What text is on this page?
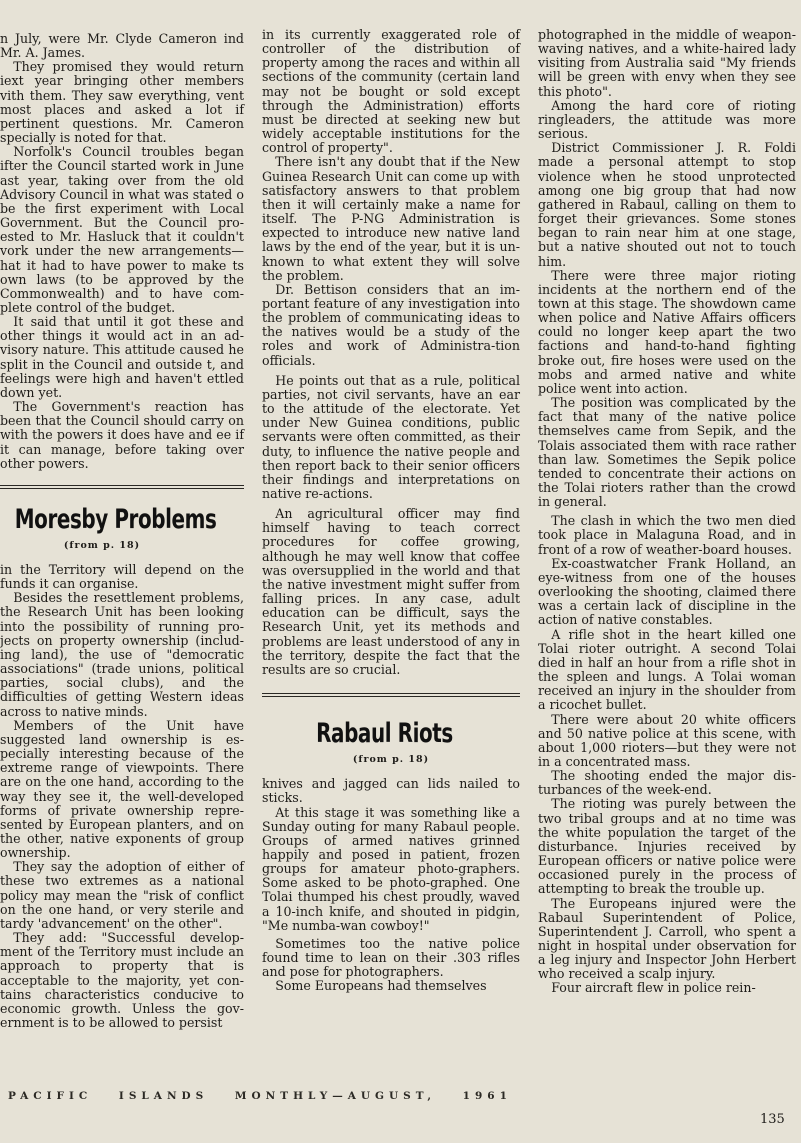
n July, were Mr. Clyde Cameron ind Mr. A. James.

They promised they would return iext year bringing other members vith them. They saw everything, vent most places and asked a lot if pertinent questions. Mr. Cameron specially is noted for that.

Norfolk's Council troubles began ifter the Council started work in June ast year, taking over from the old Advisory Council in what was stated o be the first experiment with Local Government. But the Council pro-ested to Mr. Hasluck that it couldn't vork under the new arrangements— hat it had to have power to make ts own laws (to be approved by the Commonwealth) and to have com-plete control of the budget.

It said that until it got these and other things it would act in an ad-visory nature. This attitude caused he split in the Council and outside t, and feelings were high and haven't ettled down yet.

The Government's reaction has been that the Council should carry on with the powers it does have and ee if it can manage, before taking over other powers.

Moresby Problems
(from p. 18)

in the Territory will depend on the funds it can organise.

Besides the resettlement problems, the Research Unit has been looking into the possibility of running pro-jects on property ownership (includ-ing land), the use of "democratic associations" (trade unions, political parties, social clubs), and the difficulties of getting Western ideas across to native minds.

Members of the Unit have suggested land ownership is es-pecially interesting because of the extreme range of viewpoints. There are on the one hand, according to the way they see it, the well-developed forms of private ownership repre-sented by European planters, and on the other, native exponents of group ownership.

They say the adoption of either of these two extremes as a national policy may mean the "risk of conflict on the one hand, or very sterile and tardy 'advancement' on the other".

They add: "Successful develop-ment of the Territory must include an approach to property that is acceptable to the majority, yet con-tains characteristics conducive to economic growth. Unless the gov-ernment is to be allowed to persist

in its currently exaggerated role of controller of the distribution of property among the races and within all sections of the community (certain land may not be bought or sold except through the Administration) efforts must be directed at seeking new but widely acceptable institutions for the control of property".

There isn't any doubt that if the New Guinea Research Unit can come up with satisfactory answers to that problem then it will certainly make a name for itself. The P-NG Administration is expected to introduce new native land laws by the end of the year, but it is un-known to what extent they will solve the problem.

Dr. Bettison considers that an im-portant feature of any investigation into the problem of communicating ideas to the natives would be a study of the roles and work of Administra-tion officials.

He points out that as a rule, political parties, not civil servants, have an ear to the attitude of the electorate. Yet under New Guinea conditions, public servants were often committed, as their duty, to influence the native people and then report back to their senior officers their findings and interpretations on native re-actions.

An agricultural officer may find himself having to teach correct procedures for coffee growing, although he may well know that coffee was oversupplied in the world and that the native investment might suffer from falling prices. In any case, adult education can be difficult, says the Research Unit, yet its methods and problems are least understood of any in the territory, despite the fact that the results are so crucial.

Rabaul Riots
(from p. 18)

knives and jagged can lids nailed to sticks.

At this stage it was something like a Sunday outing for many Rabaul people. Groups of armed natives grinned happily and posed in patient, frozen groups for amateur photo-graphers. Some asked to be photo-graphed. One Tolai thumped his chest proudly, waved a 10-inch knife, and shouted in pidgin, "Me numba-wan cowboy!"

Sometimes too the native police found time to lean on their .303 rifles and pose for photographers.

Some Europeans had themselves

photographed in the middle of weapon-waving natives, and a white-haired lady visiting from Australia said "My friends will be green with envy when they see this photo".

Among the hard core of rioting ringleaders, the attitude was more serious.

District Commissioner J. R. Foldi made a personal attempt to stop violence when he stood unprotected among one big group that had now gathered in Rabaul, calling on them to forget their grievances. Some stones began to rain near him at one stage, but a native shouted out not to touch him.

There were three major rioting incidents at the northern end of the town at this stage. The showdown came when police and Native Affairs officers could no longer keep apart the two factions and hand-to-hand fighting broke out, fire hoses were used on the mobs and armed native and white police went into action.

The position was complicated by the fact that many of the native police themselves came from Sepik, and the Tolais associated them with race rather than law. Sometimes the Sepik police tended to concentrate their actions on the Tolai rioters rather than the crowd in general.

The clash in which the two men died took place in Malaguna Road, and in front of a row of weather-board houses.

Ex-coastwatcher Frank Holland, an eye-witness from one of the houses overlooking the shooting, claimed there was a certain lack of discipline in the action of native constables.

A rifle shot in the heart killed one Tolai rioter outright. A second Tolai died in half an hour from a rifle shot in the spleen and lungs. A Tolai woman received an injury in the shoulder from a ricochet bullet.

There were about 20 white officers and 50 native police at this scene, with about 1,000 rioters—but they were not in a concentrated mass.

The shooting ended the major dis-turbances of the week-end.

The rioting was purely between the two tribal groups and at no time was the white population the target of the disturbance. Injuries received by European officers or native police were occasioned purely in the process of attempting to break the trouble up.

The Europeans injured were the Rabaul Superintendent of Police, Superintendent J. Carroll, who spent a night in hospital under observation for a leg injury and Inspector John Herbert who received a scalp injury.

Four aircraft flew in police rein-

PACIFIC ISLANDS MONTHLY—AUGUST, 1961
135
